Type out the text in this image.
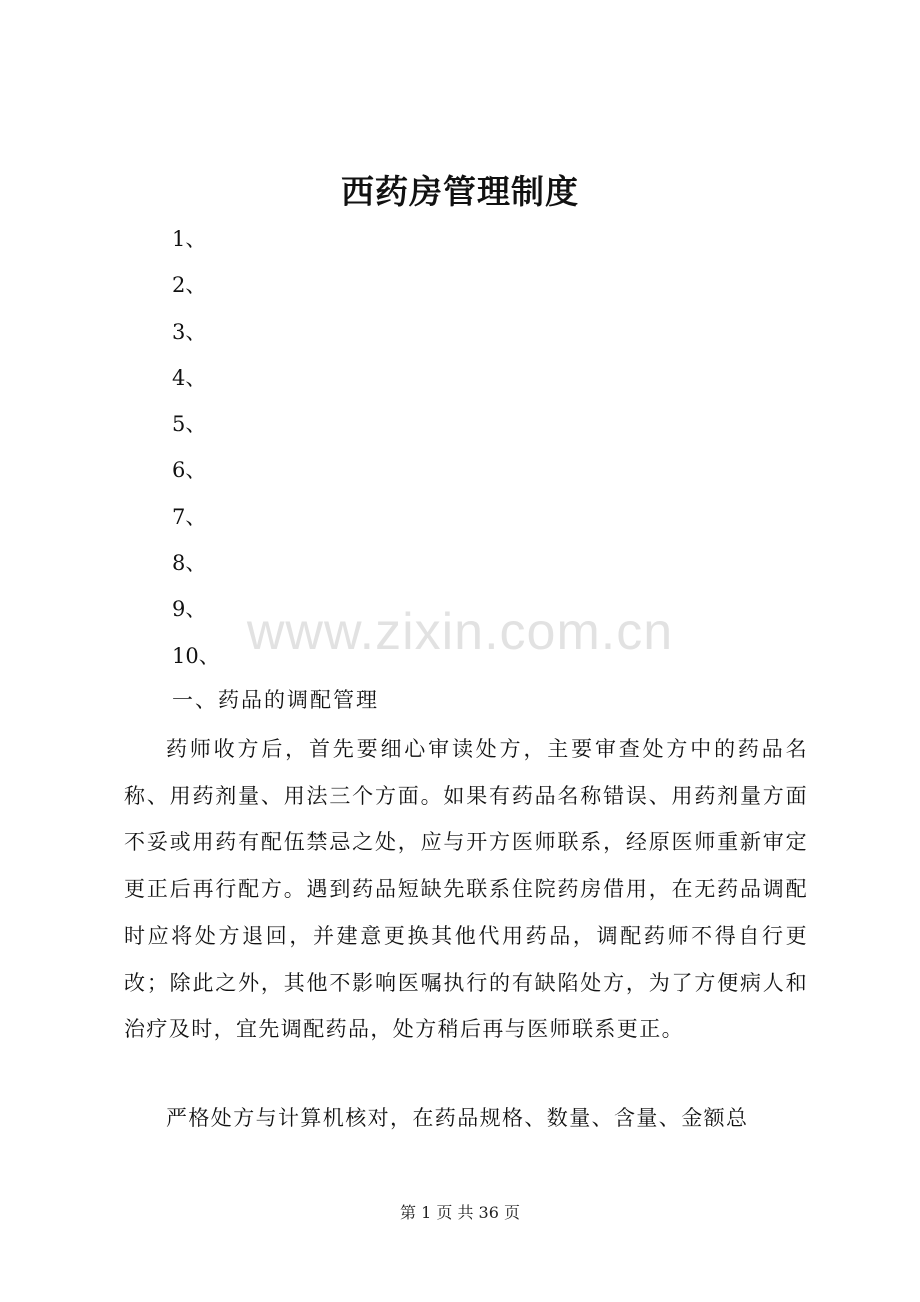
西药房管理制度
1、
2、
3、
4、
5、
6、
7、
8、
9、
10、 www.zixin.com.cn
一、药品的调配管理

药师收方后，首先要细心审读处方，主要审查处方中的药品名称、用药剂量、用法三个方面。如果有药品名称错误、用药剂量方面不妥或用药有配伍禁忌之处，应与开方医师联系，经原医师重新审定更正后再行配方。遇到药品短缺先联系住院药房借用，在无药品调配时应将处方退回，并建意更换其他代用药品，调配药师不得自行更改；除此之外，其他不影响医嘱执行的有缺陷处方，为了方便病人和治疗及时，宜先调配药品，处方稍后再与医师联系更正。

严格处方与计算机核对，在药品规格、数量、含量、金额总

第 1 页 共 36 页
